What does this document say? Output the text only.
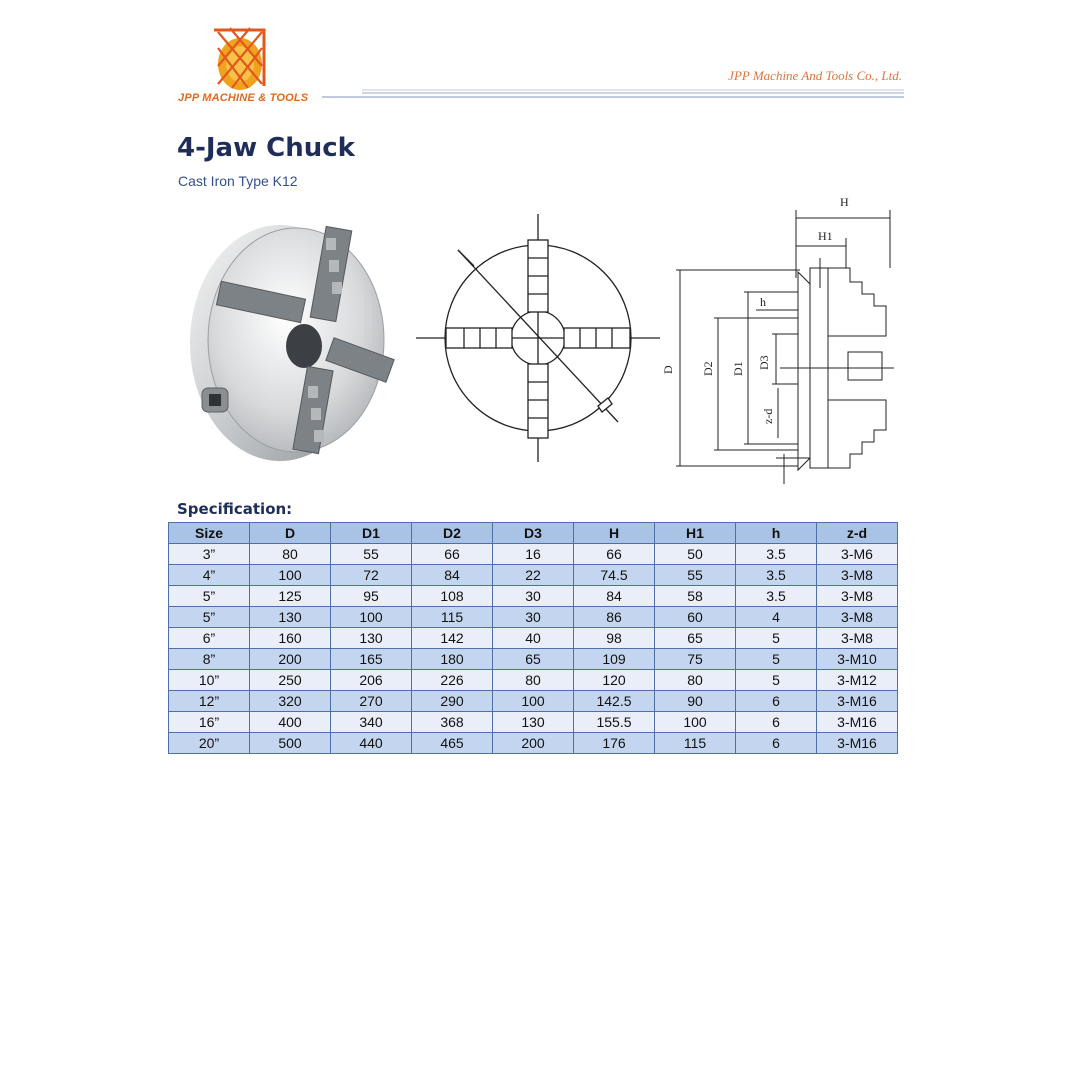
JPP MACHINE & TOOLS
JPP Machine And Tools Co., Ltd.
4-Jaw Chuck
Cast Iron Type K12
H
H1
h
D D2 D1 D3
z-d
Specification:
Size	D	D1	D2	D3	H	H1	h	z-d
3”	80	55	66	16	66	50	3.5	3-M6
4”	100	72	84	22	74.5	55	3.5	3-M8
5”	125	95	108	30	84	58	3.5	3-M8
5”	130	100	115	30	86	60	4	3-M8
6”	160	130	142	40	98	65	5	3-M8
8”	200	165	180	65	109	75	5	3-M10
10”	250	206	226	80	120	80	5	3-M12
12”	320	270	290	100	142.5	90	6	3-M16
16”	400	340	368	130	155.5	100	6	3-M16
20”	500	440	465	200	176	115	6	3-M16
